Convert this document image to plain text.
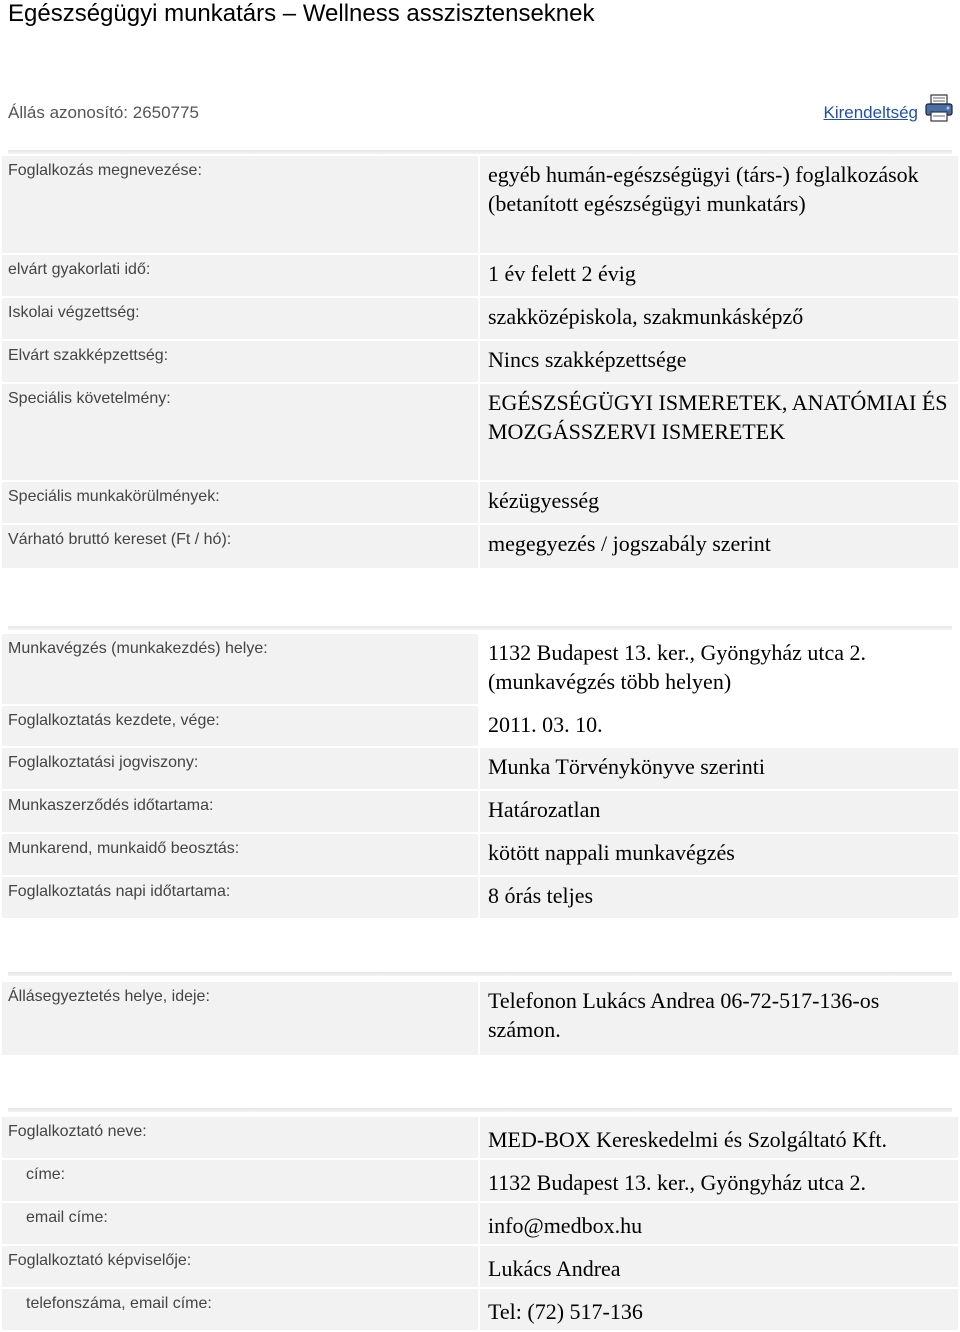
Egészségügyi munkatárs – Wellness asszisztenseknek
Állás azonosító: 2650775	Kirendeltség
Foglalkozás megnevezése:	egyéb humán-egészségügyi (társ-) foglalkozások (betanított egészségügyi munkatárs)
elvárt gyakorlati idő:	1 év felett 2 évig
Iskolai végzettség:	szakközépiskola, szakmunkásképző
Elvárt szakképzettség:	Nincs szakképzettsége
Speciális követelmény:	EGÉSZSÉGÜGYI ISMERETEK, ANATÓMIAI ÉS MOZGÁSSZERVI ISMERETEK
Speciális munkakörülmények:	kézügyesség
Várható bruttó kereset (Ft / hó):	megegyezés / jogszabály szerint
Munkavégzés (munkakezdés) helye:	1132 Budapest 13. ker., Gyöngyház utca 2. (munkavégzés több helyen)
Foglalkoztatás kezdete, vége:	2011. 03. 10.
Foglalkoztatási jogviszony:	Munka Törvénykönyve szerinti
Munkaszerződés időtartama:	Határozatlan
Munkarend, munkaidő beosztás:	kötött nappali munkavégzés
Foglalkoztatás napi időtartama:	8 órás teljes
Állásegyeztetés helye, ideje:	Telefonon Lukács Andrea 06-72-517-136-os számon.
Foglalkoztató neve:	MED-BOX Kereskedelmi és Szolgáltató Kft.
címe:	1132 Budapest 13. ker., Gyöngyház utca 2.
email címe:	info@medbox.hu
Foglalkoztató képviselője:	Lukács Andrea
telefonszáma, email címe:	Tel: (72) 517-136
